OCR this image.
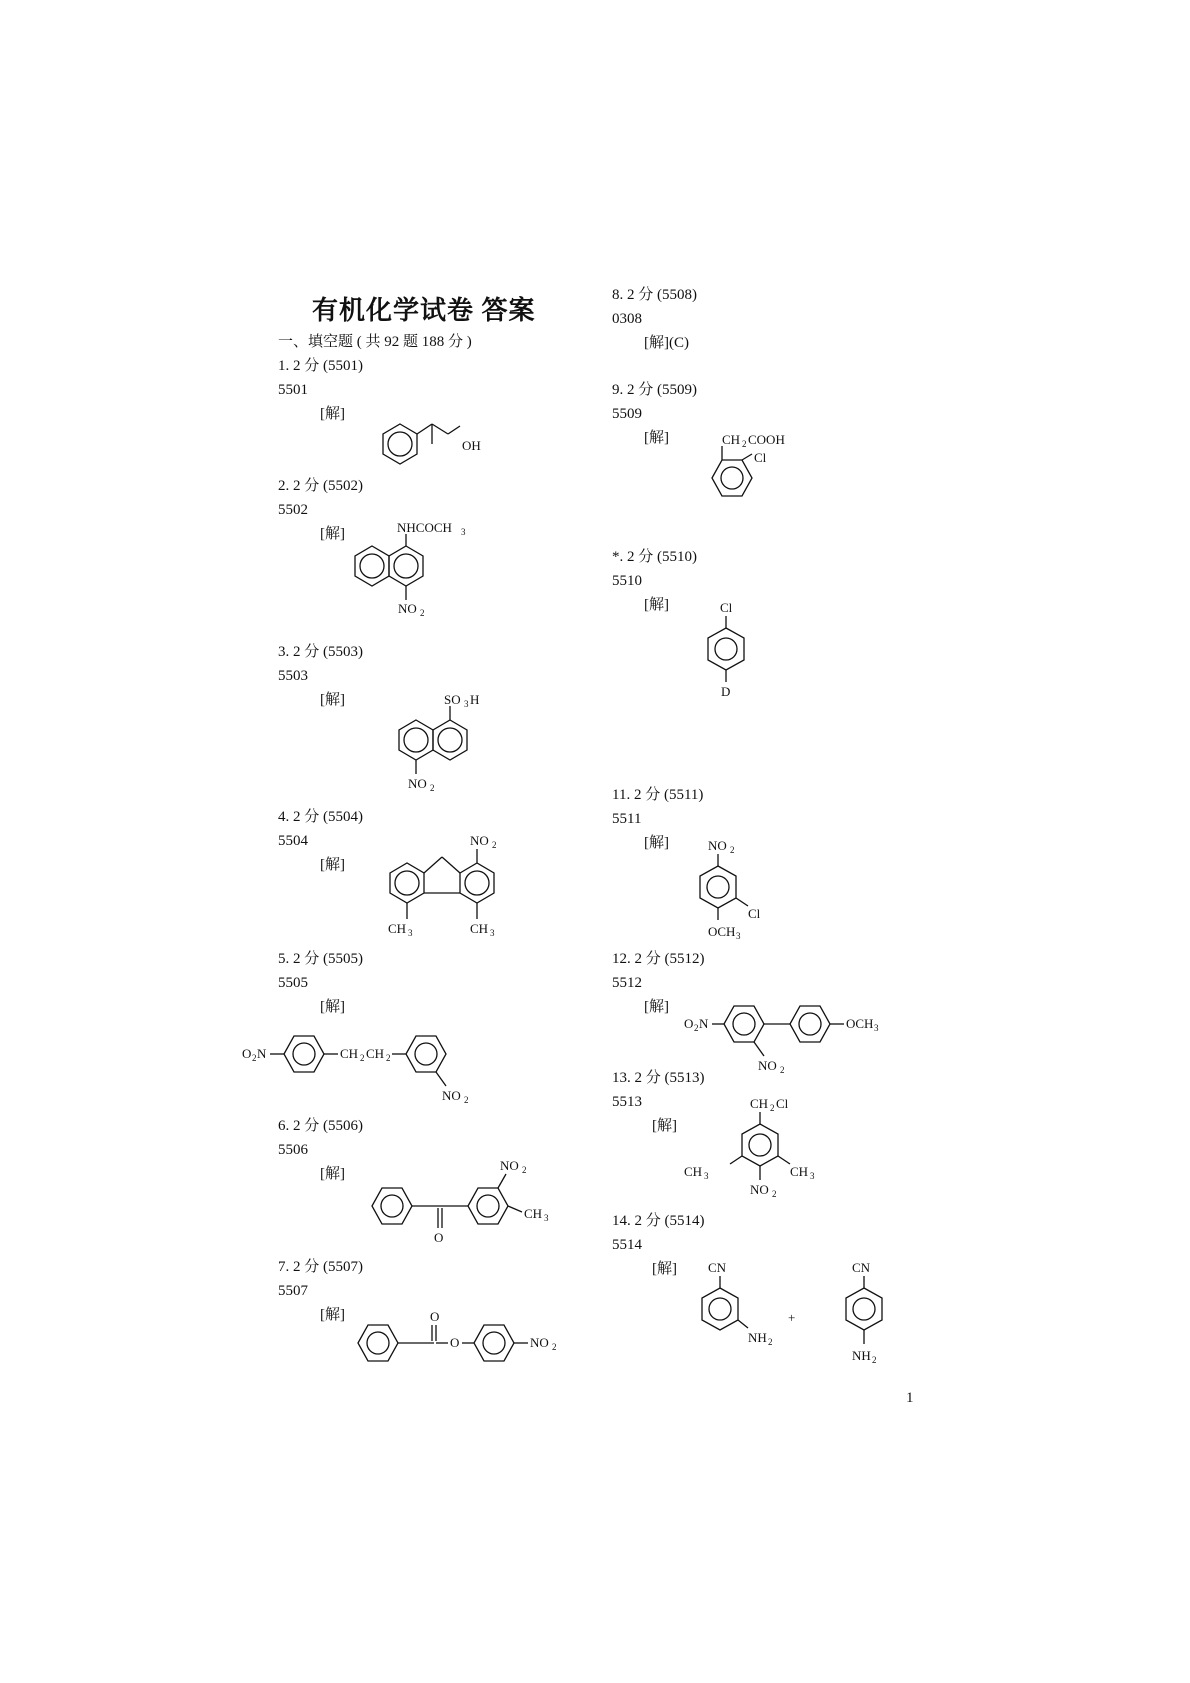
有机化学试卷 答案
一、填空题 ( 共 92 题 188 分 )
1. 2 分 (5501)
5501
[解]
OH
2. 2 分 (5502)
5502
[解]	NHCOCH 3
NO 2
3. 2 分 (5503)
5503
[解]	SO 3 H
NO 2
4. 2 分 (5504)
5504
[解]
NO 2
CH 3	CH 3
5. 2 分 (5505)
5505
[解]
O 2 N	CH 2 CH 2
NO 2
6. 2 分 (5506)
5506
[解]
O
NO 2
CH 3
7. 2 分 (5507)
5507
[解]	O
O	NO 2
8. 2 分 (5508)
0308
[解](C)
9. 2 分 (5509)
5509
[解]	CH 2 COOH
Cl
*. 2 分 (5510)
5510
[解]	Cl
D
11. 2 分 (5511)
5511
[解]	NO 2
Cl
OCH 3
12. 2 分 (5512)
5512
[解]
O 2 N
NO 2
OCH 3
13. 2 分 (5513)
5513
[解]
CH 2 Cl
CH 3	CH 3
NO 2
14. 2 分 (5514)
5514
[解] CN
NH 2
+
CN
NH 2
1
